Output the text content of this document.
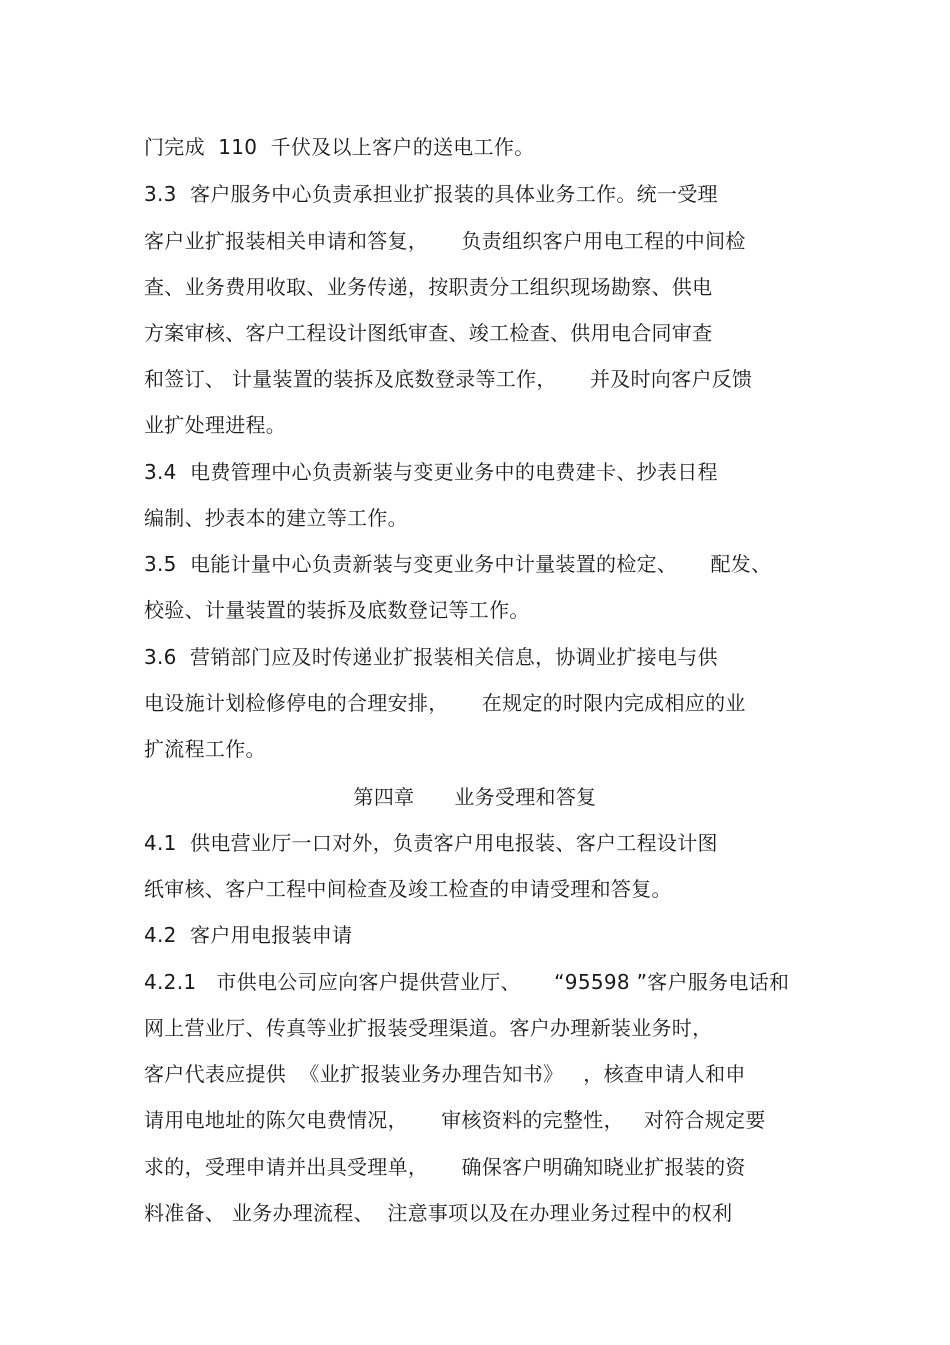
门完成  110  千伏及以上客户的送电工作。
3.3  客户服务中心负责承担业扩报装的具体业务工作。统一受理
客户业扩报装相关申请和答复，     负责组织客户用电工程的中间检
查、业务费用收取、业务传递，按职责分工组织现场勘察、供电
方案审核、客户工程设计图纸审查、竣工检查、供用电合同审查
和签订、 计量装置的装拆及底数登录等工作，     并及时向客户反馈
业扩处理进程。
3.4  电费管理中心负责新装与变更业务中的电费建卡、抄表日程
编制、抄表本的建立等工作。
3.5  电能计量中心负责新装与变更业务中计量装置的检定、     配发、
校验、计量装置的装拆及底数登记等工作。
3.6  营销部门应及时传递业扩报装相关信息，协调业扩接电与供
电设施计划检修停电的合理安排，     在规定的时限内完成相应的业
扩流程工作。
第四章      业务受理和答复
4.1  供电营业厅一口对外，负责客户用电报装、客户工程设计图
纸审核、客户工程中间检查及竣工检查的申请受理和答复。
4.2  客户用电报装申请
4.2.1   市供电公司应向客户提供营业厅、     “95598 ”客户服务电话和
网上营业厅、传真等业扩报装受理渠道。客户办理新装业务时，
客户代表应提供  《业扩报装业务办理告知书》   ，核查申请人和申
请用电地址的陈欠电费情况，     审核资料的完整性，   对符合规定要
求的，受理申请并出具受理单，     确保客户明确知晓业扩报装的资
料准备、 业务办理流程、  注意事项以及在办理业务过程中的权利
